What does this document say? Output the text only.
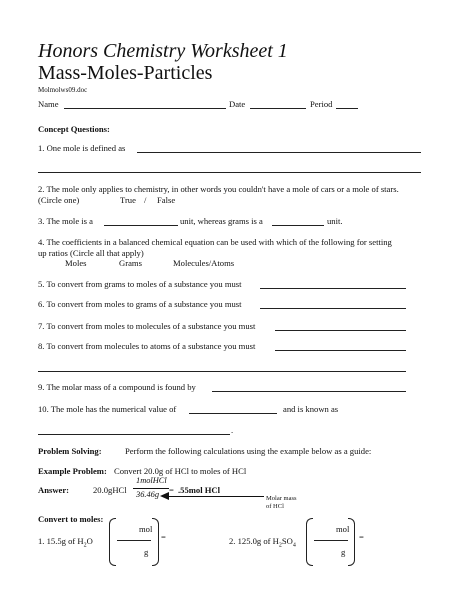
Honors Chemistry Worksheet 1
Mass-Moles-Particles
Molmolws09.doc
Name	Date	Period
Concept Questions:
1. One mole is defined as
2. The mole only applies to chemistry, in other words you couldn't have a mole of cars or a mole of stars.
(Circle one)	True / False
3. The mole is a	unit, whereas grams is a	unit.
4. The coefficients in a balanced chemical equation can be used with which of the following for setting
up ratios (Circle all that apply)
Moles	Grams	Molecules/Atoms
5. To convert from grams to moles of a substance you must
6. To convert from moles to grams of a substance you must
7. To convert from moles to molecules of a substance you must
8. To convert from molecules to atoms of a substance you must
9. The molar mass of a compound is found by
10. The mole has the numerical value of	and is known as
.
Problem Solving:	Perform the following calculations using the example below as a guide:
Example Problem: Convert 20.0g of HCl to moles of HCl
Answer:	20.0gHCl
1molHCl
36.46g = .55mol HCl
Molar mass
of HCl
Convert to moles:
1. 15.5g of $H_2O$
mol
g
=	2. 125.0g of $H_2SO_4$
mol
g
=
